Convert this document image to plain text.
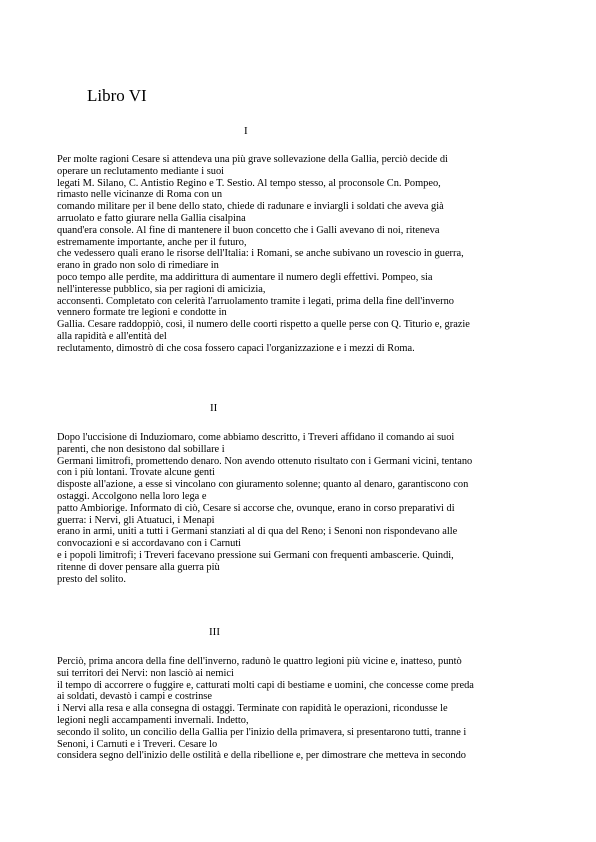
Libro VI
I

Per molte ragioni Cesare si attendeva una più grave sollevazione della Gallia, perciò decide di
operare un reclutamento mediante i suoi
legati M. Silano, C. Antistio Regino e T. Sestio. Al tempo stesso, al proconsole Cn. Pompeo,
rimasto nelle vicinanze di Roma con un
comando militare per il bene dello stato, chiede di radunare e inviargli i soldati che aveva già
arruolato e fatto giurare nella Gallia cisalpina
quand'era console. Al fine di mantenere il buon concetto che i Galli avevano di noi, riteneva
estremamente importante, anche per il futuro,
che vedessero quali erano le risorse dell'Italia: i Romani, se anche subivano un rovescio in guerra,
erano in grado non solo di rimediare in
poco tempo alle perdite, ma addirittura di aumentare il numero degli effettivi. Pompeo, sia
nell'interesse pubblico, sia per ragioni di amicizia,
acconsentì. Completato con celerità l'arruolamento tramite i legati, prima della fine dell'inverno
vennero formate tre legioni e condotte in
Gallia. Cesare raddoppiò, così, il numero delle coorti rispetto a quelle perse con Q. Titurio e, grazie
alla rapidità e all'entità del
reclutamento, dimostrò di che cosa fossero capaci l'organizzazione e i mezzi di Roma.

II

Dopo l'uccisione di Induziomaro, come abbiamo descritto, i Treveri affidano il comando ai suoi
parenti, che non desistono dal sobillare i
Germani limitrofi, promettendo denaro. Non avendo ottenuto risultato con i Germani vicini, tentano
con i più lontani. Trovate alcune genti
disposte all'azione, a esse si vincolano con giuramento solenne; quanto al denaro, garantiscono con
ostaggi. Accolgono nella loro lega e
patto Ambiorige. Informato di ciò, Cesare si accorse che, ovunque, erano in corso preparativi di
guerra: i Nervi, gli Atuatuci, i Menapi
erano in armi, uniti a tutti i Germani stanziati al di qua del Reno; i Senoni non rispondevano alle
convocazioni e si accordavano con i Carnuti
e i popoli limitrofi; i Treveri facevano pressione sui Germani con frequenti ambascerie. Quindi,
ritenne di dover pensare alla guerra più
presto del solito.

III

Perciò, prima ancora della fine dell'inverno, radunò le quattro legioni più vicine e, inatteso, puntò
sui territori dei Nervi: non lasciò ai nemici
il tempo di accorrere o fuggire e, catturati molti capi di bestiame e uomini, che concesse come preda
ai soldati, devastò i campi e costrinse
i Nervi alla resa e alla consegna di ostaggi. Terminate con rapidità le operazioni, ricondusse le
legioni negli accampamenti invernali. Indetto,
secondo il solito, un concilio della Gallia per l'inizio della primavera, si presentarono tutti, tranne i
Senoni, i Carnuti e i Treveri. Cesare lo
considera segno dell'inizio delle ostilità e della ribellione e, per dimostrare che metteva in secondo
